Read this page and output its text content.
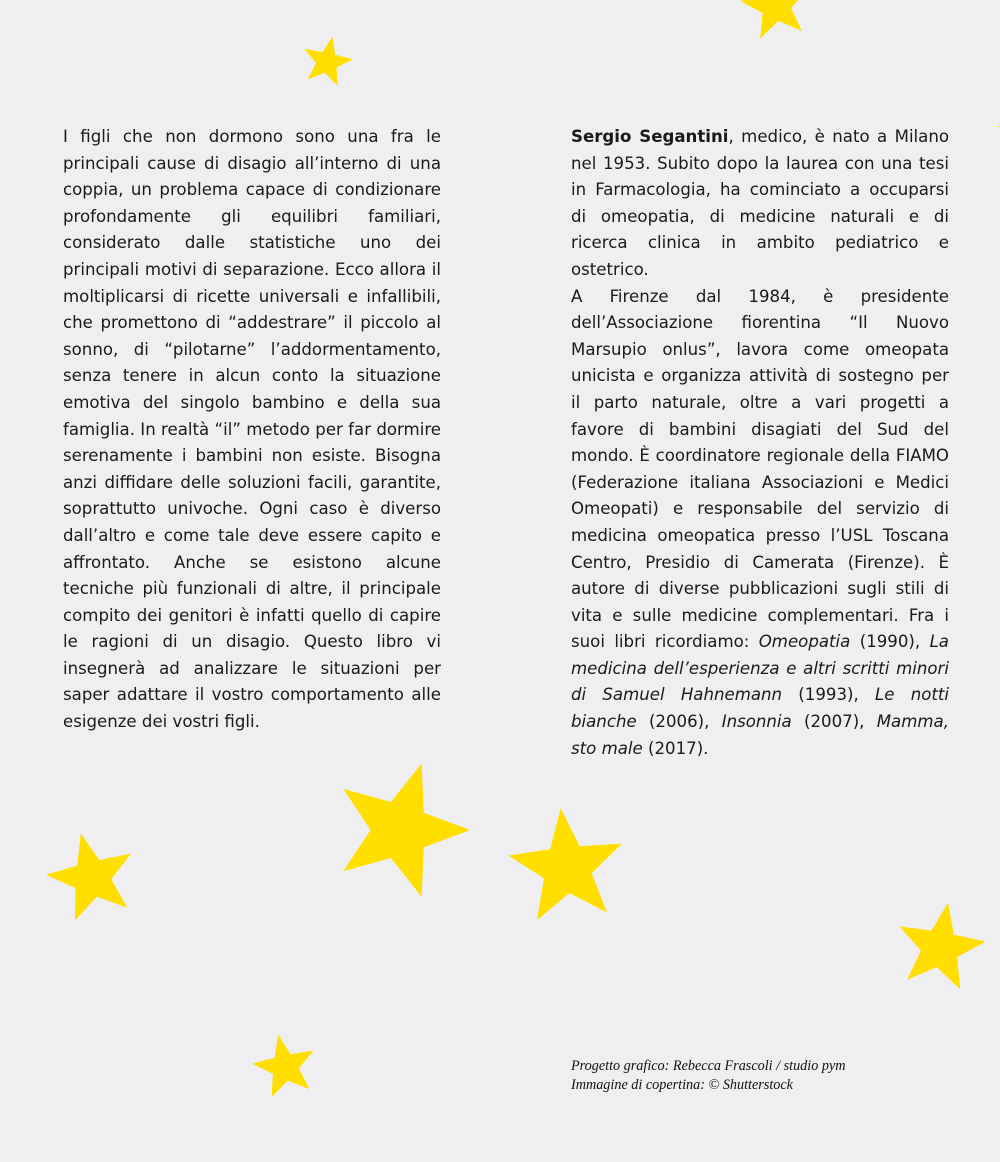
I figli che non dormono sono una fra le principali cause di disagio all’interno di una coppia, un problema capace di condizionare profondamente gli equilibri familiari, considerato dalle statistiche uno dei principali motivi di separazione. Ecco allora il moltiplicarsi di ricette universali e infallibili, che promettono di “addestrare” il piccolo al sonno, di “pilotarne” l’addormentamento, senza tenere in alcun conto la situazione emotiva del singolo bambino e della sua famiglia. In realtà “il” metodo per far dormire serenamente i bambini non esiste. Bisogna anzi diffidare delle soluzioni facili, garantite, soprattutto univoche. Ogni caso è diverso dall’altro e come tale deve essere capito e affrontato. Anche se esistono alcune tecniche più funzionali di altre, il principale compito dei genitori è infatti quello di capire le ragioni di un disagio. Questo libro vi insegnerà ad analizzare le situazioni per saper adattare il vostro comportamento alle esigenze dei vostri figli.

Sergio Segantini, medico, è nato a Milano nel 1953. Subito dopo la laurea con una tesi in Farmacologia, ha cominciato a occuparsi di omeopatia, di medicine naturali e di ricerca clinica in ambito pediatrico e ostetrico.

A Firenze dal 1984, è presidente dell’Associazione fiorentina “Il Nuovo Marsupio onlus”, lavora come omeopata unicista e organizza attività di sostegno per il parto naturale, oltre a vari progetti a favore di bambini disagiati del Sud del mondo. È coordinatore regionale della FIAMO (Federazione italiana Associazioni e Medici Omeopati) e responsabile del servizio di medicina omeopatica presso l’USL Toscana Centro, Presidio di Camerata (Firenze). È autore di diverse pubblicazioni sugli stili di vita e sulle medicine complementari. Fra i suoi libri ricordiamo: Omeopatia (1990), La medicina dell’esperienza e altri scritti minori di Samuel Hahnemann (1993), Le notti bianche (2006), Insonnia (2007), Mamma, sto male (2017).

Progetto grafico: Rebecca Frascoli / studio pym
Immagine di copertina: © Shutterstock
